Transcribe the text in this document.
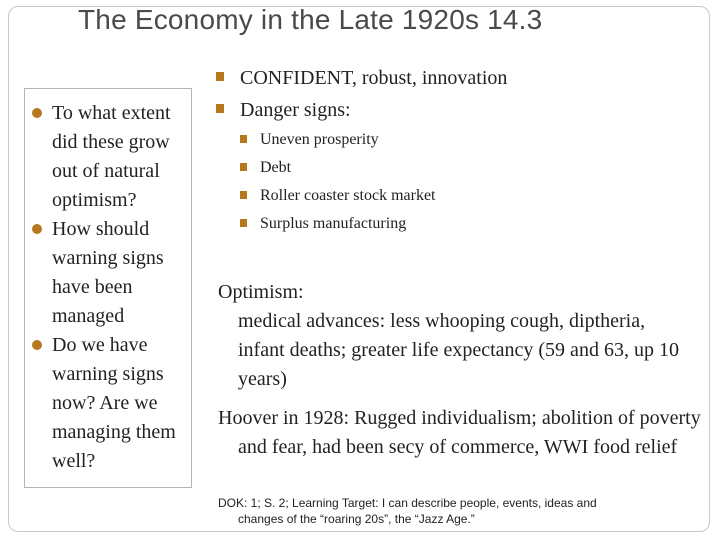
The Economy in the Late 1920s 14.3
To what extent did these grow out of natural optimism?
How should warning signs have been managed
Do we have warning signs now? Are we managing them well?
CONFIDENT, robust, innovation
Danger signs:
Uneven prosperity
Debt
Roller coaster stock market
Surplus manufacturing
Optimism:
medical advances: less whooping cough, diptheria, infant deaths; greater life expectancy (59 and 63, up 10 years)
Hoover in 1928: Rugged individualism; abolition of poverty and fear, had been secy of commerce, WWI food relief
DOK: 1; S. 2; Learning Target: I can describe people, events, ideas and
changes of the “roaring 20s”, the “Jazz Age.”
